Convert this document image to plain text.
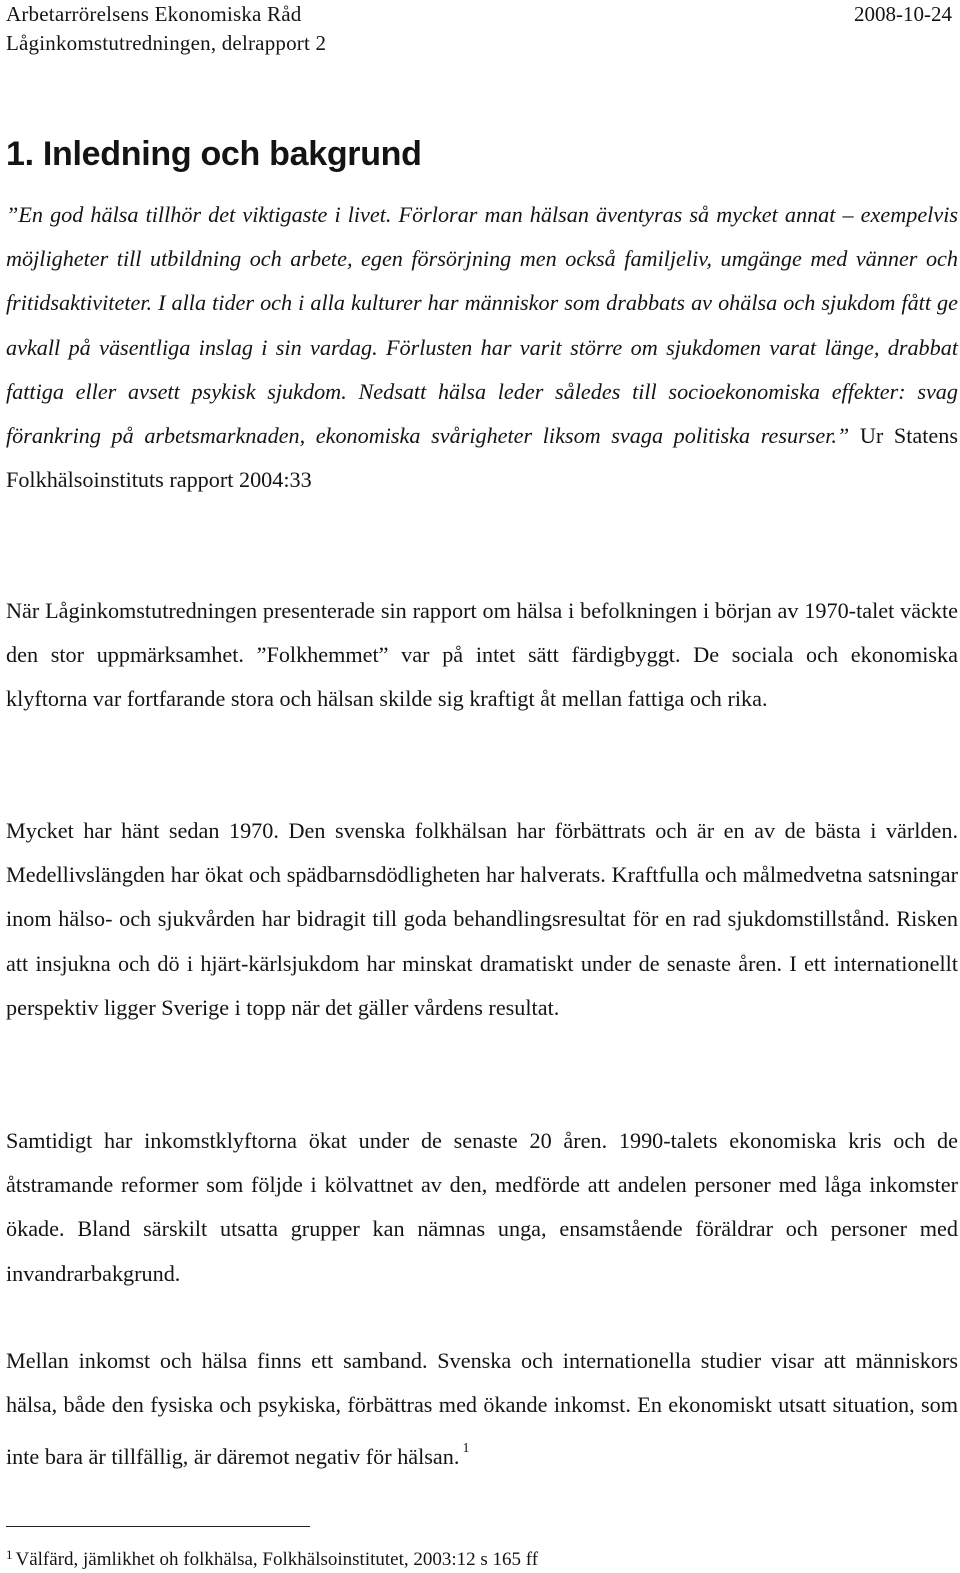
Arbetarrörelsens Ekonomiska Råd
Låginkomstutredningen, delrapport 2
2008-10-24
1. Inledning och bakgrund

”En god hälsa tillhör det viktigaste i livet. Förlorar man hälsan äventyras så mycket annat – exempelvis möjligheter till utbildning och arbete, egen försörjning men också familjeliv, umgänge med vänner och fritidsaktiviteter. I alla tider och i alla kulturer har människor som drabbats av ohälsa och sjukdom fått ge avkall på väsentliga inslag i sin vardag. Förlusten har varit större om sjukdomen varat länge, drabbat fattiga eller avsett psykisk sjukdom. Nedsatt hälsa leder således till socioekonomiska effekter: svag förankring på arbetsmarknaden, ekonomiska svårigheter liksom svaga politiska resurser.” Ur Statens Folkhälsoinstituts rapport 2004:33

När Låginkomstutredningen presenterade sin rapport om hälsa i befolkningen i början av 1970-talet väckte den stor uppmärksamhet. ”Folkhemmet” var på intet sätt färdigbyggt. De sociala och ekonomiska klyftorna var fortfarande stora och hälsan skilde sig kraftigt åt mellan fattiga och rika.

Mycket har hänt sedan 1970. Den svenska folkhälsan har förbättrats och är en av de bästa i världen. Medellivslängden har ökat och spädbarnsdödligheten har halverats. Kraftfulla och målmedvetna satsningar inom hälso- och sjukvården har bidragit till goda behandlingsresultat för en rad sjukdomstillstånd. Risken att insjukna och dö i hjärt-kärlsjukdom har minskat dramatiskt under de senaste åren. I ett internationellt perspektiv ligger Sverige i topp när det gäller vårdens resultat.

Samtidigt har inkomstklyftorna ökat under de senaste 20 åren. 1990-talets ekonomiska kris och de åtstramande reformer som följde i kölvattnet av den, medförde att andelen personer med låga inkomster ökade. Bland särskilt utsatta grupper kan nämnas unga, ensamstående föräldrar och personer med invandrarbakgrund.

Mellan inkomst och hälsa finns ett samband. Svenska och internationella studier visar att människors hälsa, både den fysiska och psykiska, förbättras med ökande inkomst. En ekonomiskt utsatt situation, som inte bara är tillfällig, är däremot negativ för hälsan. $^1$

$^1$ Välfärd, jämlikhet oh folkhälsa, Folkhälsoinstitutet, 2003:12 s 165 ff
